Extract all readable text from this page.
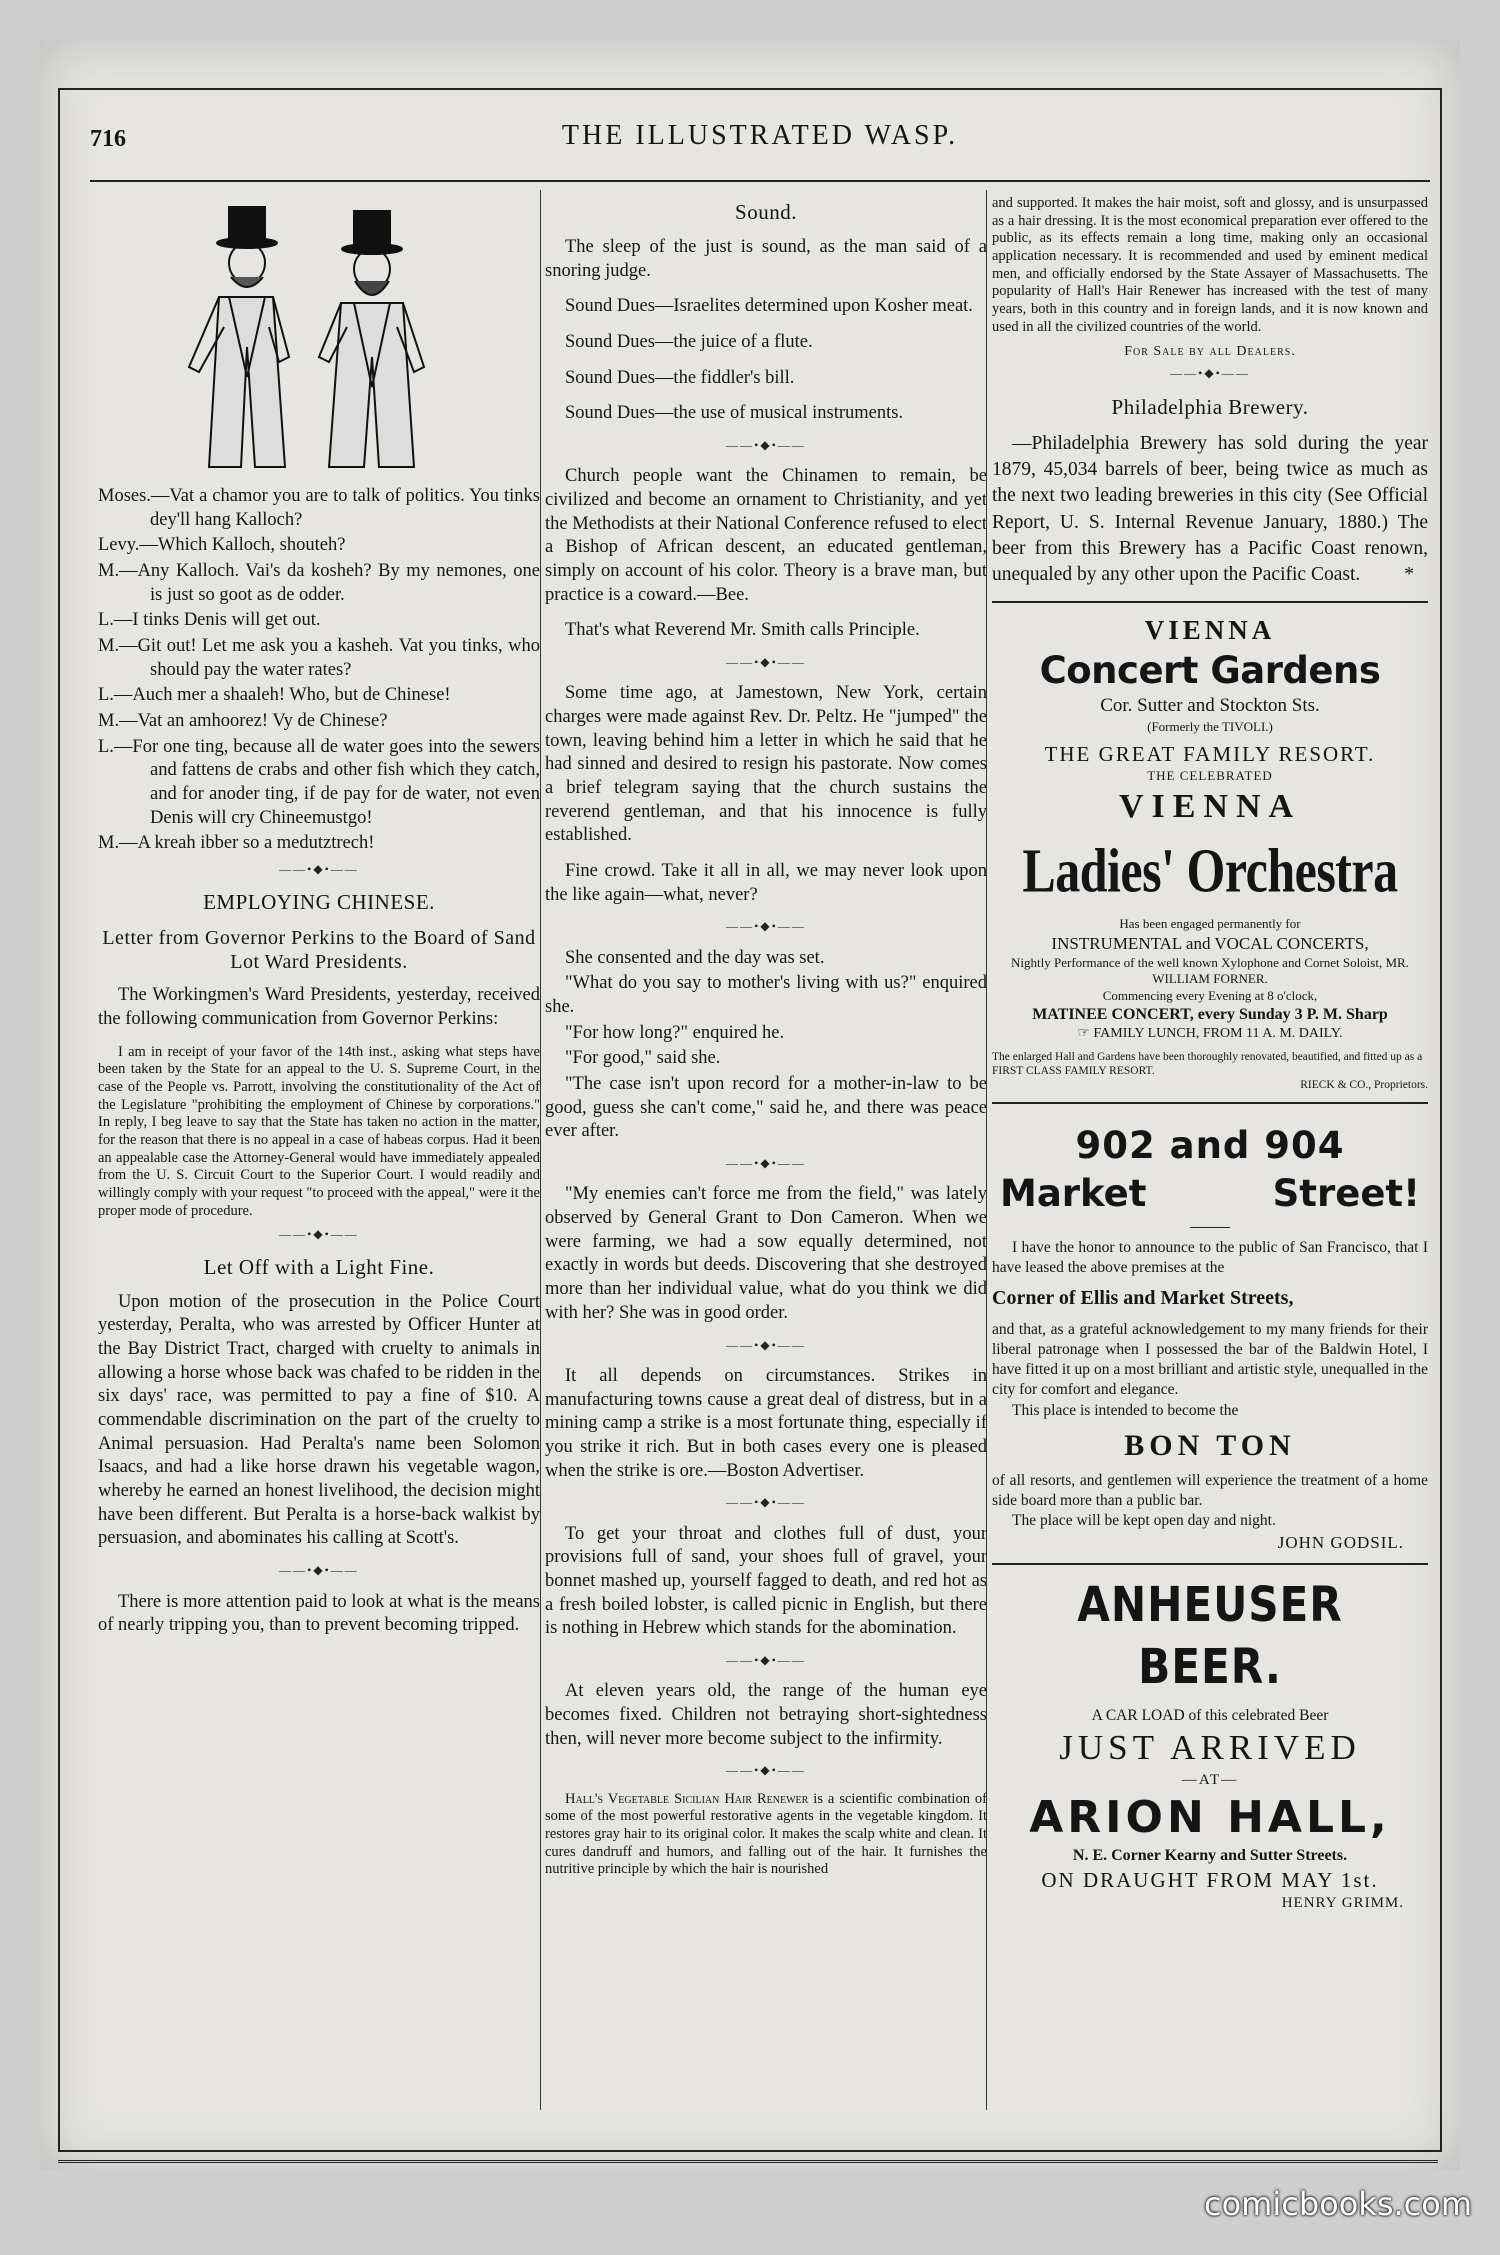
716	THE ILLUSTRATED WASP.

Moses.—Vat a chamor you are to talk of politics. You tinks dey'll hang Kalloch?

Levy.—Which Kalloch, shouteh?

M.—Any Kalloch. Vai's da kosheh? By my nemones, one is just so goot as de odder.

L.—I tinks Denis will get out.

M.—Git out! Let me ask you a kasheh. Vat you tinks, who should pay the water rates?

L.—Auch mer a shaaleh! Who, but de Chinese!

M.—Vat an amhoorez! Vy de Chinese?

L.—For one ting, because all de water goes into the sewers and fattens de crabs and other fish which they catch, and for anoder ting, if de pay for de water, not even Denis will cry Chineemustgo!

M.—A kreah ibber so a medutztrech!

——•◆•——
EMPLOYING CHINESE.
Letter from Governor Perkins to the Board of Sand Lot Ward Presidents.

The Workingmen's Ward Presidents, yesterday, received the following communication from Governor Perkins:

I am in receipt of your favor of the 14th inst., asking what steps have been taken by the State for an appeal to the U. S. Supreme Court, in the case of the People vs. Parrott, involving the constitutionality of the Act of the Legislature "prohibiting the employment of Chinese by corporations." In reply, I beg leave to say that the State has taken no action in the matter, for the reason that there is no appeal in a case of habeas corpus. Had it been an appealable case the Attorney-General would have immediately appealed from the U. S. Circuit Court to the Superior Court. I would readily and willingly comply with your request "to proceed with the appeal," were it the proper mode of procedure.

——•◆•——
Let Off with a Light Fine.

Upon motion of the prosecution in the Police Court yesterday, Peralta, who was arrested by Officer Hunter at the Bay District Tract, charged with cruelty to animals in allowing a horse whose back was chafed to be ridden in the six days' race, was permitted to pay a fine of $10. A commendable discrimination on the part of the cruelty to Animal persuasion. Had Peralta's name been Solomon Isaacs, and had a like horse drawn his vegetable wagon, whereby he earned an honest livelihood, the decision might have been different. But Peralta is a horse-back walkist by persuasion, and abominates his calling at Scott's.

——•◆•——

There is more attention paid to look at what is the means of nearly tripping you, than to prevent becoming tripped.

Sound.

The sleep of the just is sound, as the man said of a snoring judge.

Sound Dues—Israelites determined upon Kosher meat.

Sound Dues—the juice of a flute.

Sound Dues—the fiddler's bill.

Sound Dues—the use of musical instruments.

——•◆•——

Church people want the Chinamen to remain, be civilized and become an ornament to Christianity, and yet the Methodists at their National Conference refused to elect a Bishop of African descent, an educated gentleman, simply on account of his color. Theory is a brave man, but practice is a coward.—Bee.

That's what Reverend Mr. Smith calls Principle.

——•◆•——

Some time ago, at Jamestown, New York, certain charges were made against Rev. Dr. Peltz. He "jumped" the town, leaving behind him a letter in which he said that he had sinned and desired to resign his pastorate. Now comes a brief telegram saying that the church sustains the reverend gentleman, and that his innocence is fully established.

Fine crowd. Take it all in all, we may never look upon the like again—what, never?

——•◆•——

She consented and the day was set.

"What do you say to mother's living with us?" enquired she.

"For how long?" enquired he.

"For good," said she.

"The case isn't upon record for a mother-in-law to be good, guess she can't come," said he, and there was peace ever after.

——•◆•——

"My enemies can't force me from the field," was lately observed by General Grant to Don Cameron. When we were farming, we had a sow equally determined, not exactly in words but deeds. Discovering that she destroyed more than her individual value, what do you think we did with her? She was in good order.

——•◆•——

It all depends on circumstances. Strikes in manufacturing towns cause a great deal of distress, but in a mining camp a strike is a most fortunate thing, especially if you strike it rich. But in both cases every one is pleased when the strike is ore.—Boston Advertiser.

——•◆•——

To get your throat and clothes full of dust, your provisions full of sand, your shoes full of gravel, your bonnet mashed up, yourself fagged to death, and red hot as a fresh boiled lobster, is called picnic in English, but there is nothing in Hebrew which stands for the abomination.

——•◆•——

At eleven years old, the range of the human eye becomes fixed. Children not betraying short-sightedness then, will never more become subject to the infirmity.

——•◆•——

Hall's Vegetable Sicilian Hair Renewer is a scientific combination of some of the most powerful restorative agents in the vegetable kingdom. It restores gray hair to its original color. It makes the scalp white and clean. It cures dandruff and humors, and falling out of the hair. It furnishes the nutritive principle by which the hair is nourished

and supported. It makes the hair moist, soft and glossy, and is unsurpassed as a hair dressing. It is the most economical preparation ever offered to the public, as its effects remain a long time, making only an occasional application necessary. It is recommended and used by eminent medical men, and officially endorsed by the State Assayer of Massachusetts. The popularity of Hall's Hair Renewer has increased with the test of many years, both in this country and in foreign lands, and it is now known and used in all the civilized countries of the world.

For Sale by all Dealers.
——•◆•——
Philadelphia Brewery.

—Philadelphia Brewery has sold during the year 1879, 45,034 barrels of beer, being twice as much as the next two leading breweries in this city (See Official Report, U. S. Internal Revenue January, 1880.) The beer from this Brewery has a Pacific Coast renown, unequaled by any other upon the Pacific Coast.	*

VIENNA
Concert Gardens
Cor. Sutter and Stockton Sts.
(Formerly the TIVOLI.)
THE GREAT FAMILY RESORT.
THE CELEBRATED
VIENNA
Ladies' Orchestra
Has been engaged permanently for
INSTRUMENTAL and VOCAL CONCERTS,
Nightly Performance of the well known Xylophone and Cornet Soloist, MR. WILLIAM FORNER.
Commencing every Evening at 8 o'clock,
MATINEE CONCERT, every Sunday 3 P. M. Sharp
☞ FAMILY LUNCH, FROM 11 A. M. DAILY.
The enlarged Hall and Gardens have been thoroughly renovated, beautified, and fitted up as a FIRST CLASS FAMILY RESORT.
RIECK & CO., Proprietors.
902 and 904
Market	Street!
I have the honor to announce to the public of San Francisco, that I have leased the above premises at the
Corner of Ellis and Market Streets,
and that, as a grateful acknowledgement to my many friends for their liberal patronage when I possessed the bar of the Baldwin Hotel, I have fitted it up on a most brilliant and artistic style, unequalled in the city for comfort and elegance.
This place is intended to become the
BON TON
of all resorts, and gentlemen will experience the treatment of a home side board more than a public bar.
The place will be kept open day and night.
JOHN GODSIL.
ANHEUSER BEER.
A CAR LOAD of this celebrated Beer
JUST ARRIVED
—AT—
ARION HALL,
N. E. Corner Kearny and Sutter Streets.
ON DRAUGHT FROM MAY 1st.
HENRY GRIMM.
comicbooks.com
